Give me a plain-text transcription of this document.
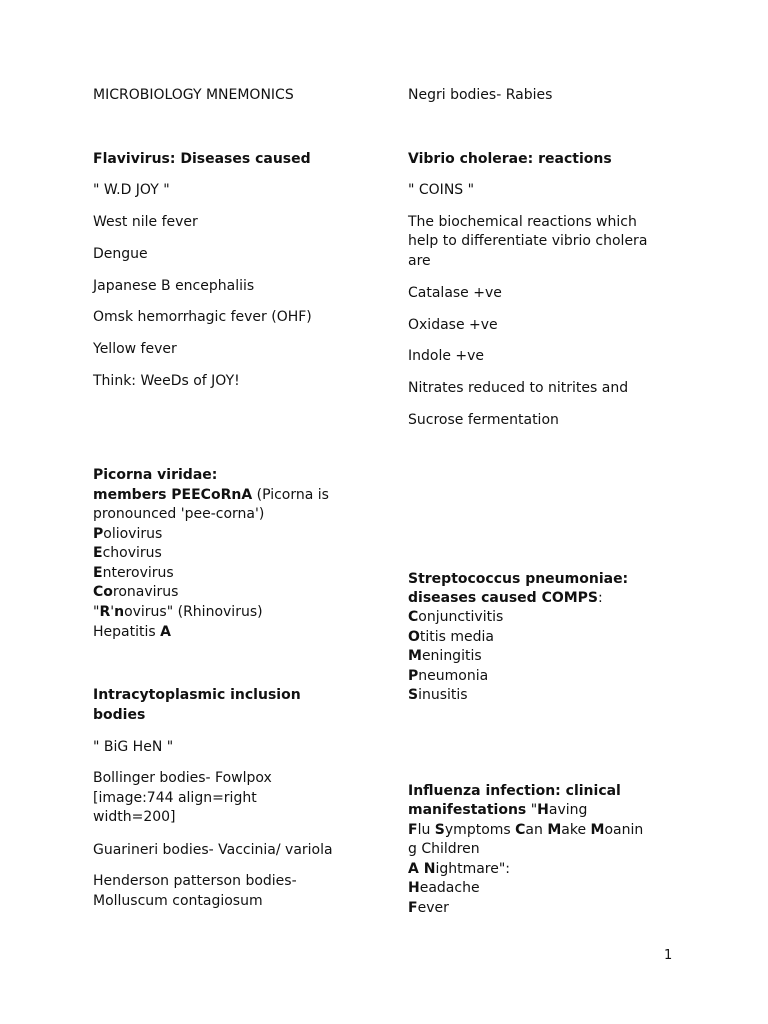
MICROBIOLOGY MNEMONICS
Flavivirus: Diseases caused
" W.D JOY "
West nile fever
Dengue
Japanese B encephaliis
Omsk hemorrhagic fever (OHF)
Yellow fever
Think: WeeDs of JOY!
Picorna viridae:
members PEECoRnA (Picorna is
pronounced 'pee-corna')
Poliovirus
Echovirus
Enterovirus
Coronavirus
"R'novirus" (Rhinovirus)
Hepatitis A
Intracytoplasmic inclusion
bodies
" BiG HeN "
Bollinger bodies- Fowlpox
[image:744 align=right
width=200]
Guarineri bodies- Vaccinia/ variola
Henderson patterson bodies-
Molluscum contagiosum
Negri bodies- Rabies
Vibrio cholerae: reactions
" COINS "
The biochemical reactions which
help to differentiate vibrio cholera
are
Catalase +ve
Oxidase +ve
Indole +ve
Nitrates reduced to nitrites and
Sucrose fermentation
Streptococcus pneumoniae:
diseases caused COMPS:
Conjunctivitis
Otitis media
Meningitis
Pneumonia
Sinusitis
Influenza infection: clinical
manifestations "Having
Flu Symptoms Can Make Moanin
g Children
A Nightmare":
Headache
Fever
1
